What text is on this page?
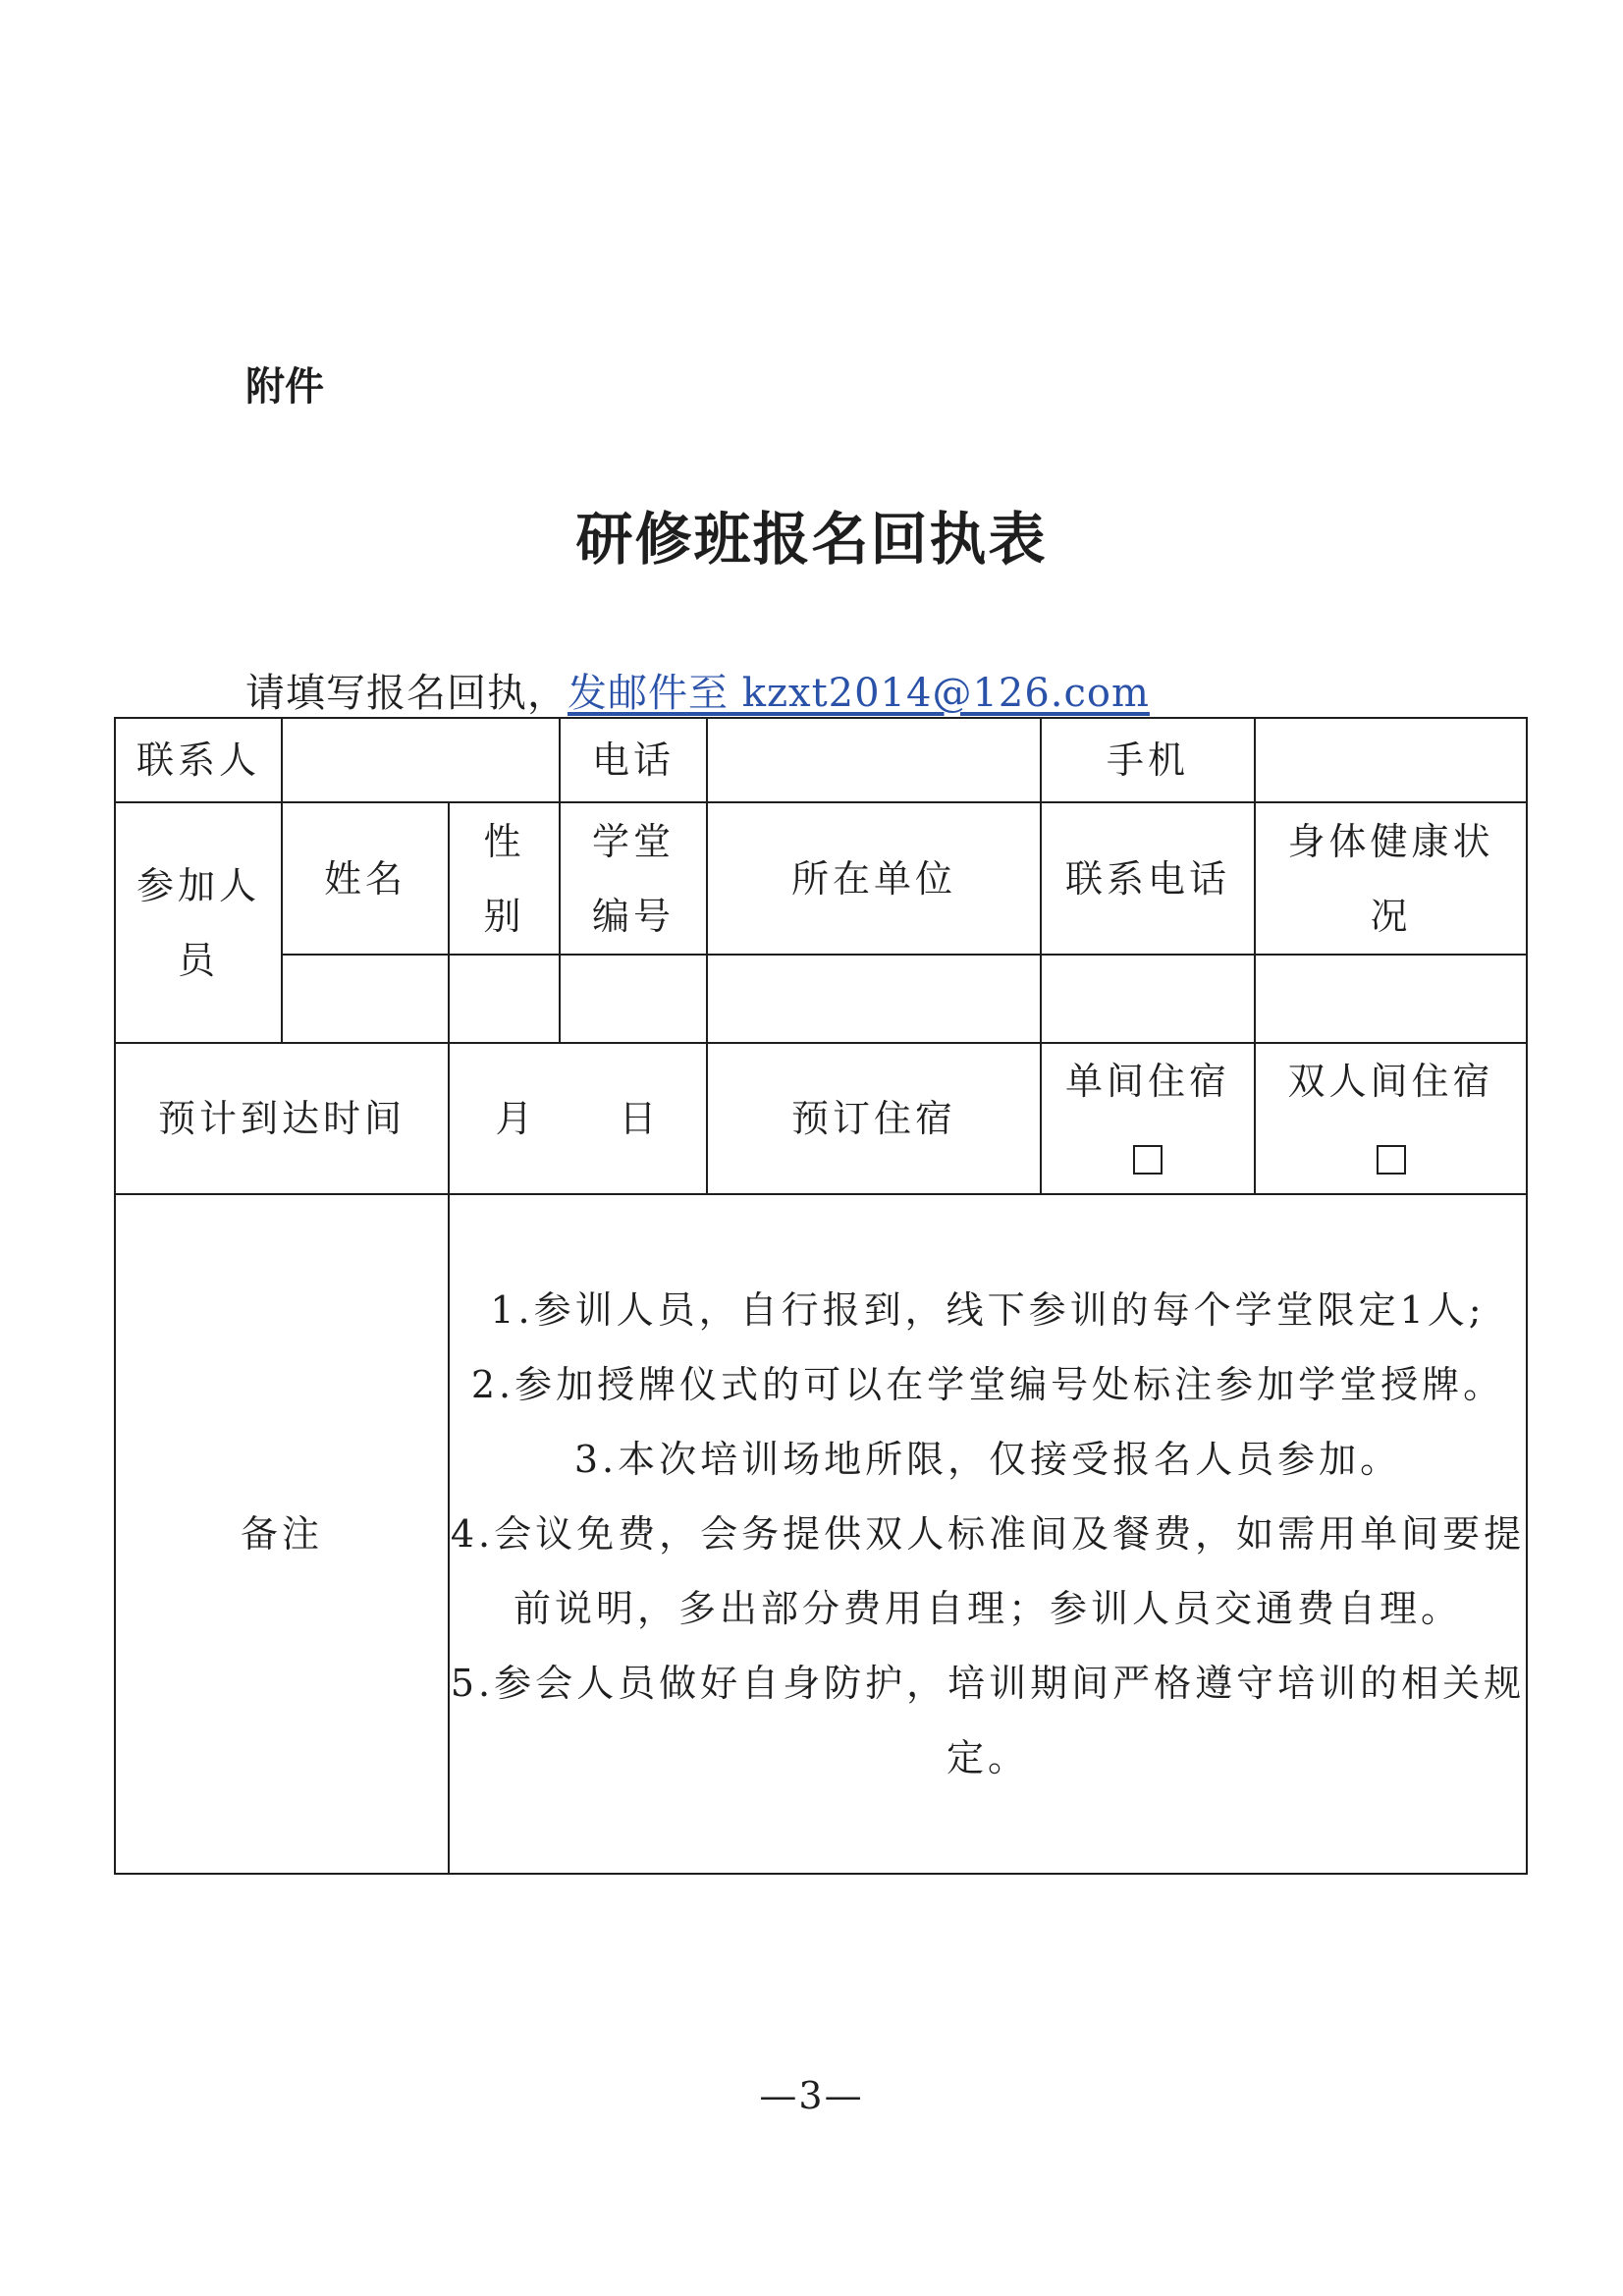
附件
研修班报名回执表
请填写报名回执，发邮件至 kzxt2014@126.com
联系人			电话		手机	
参加人员	姓名	性别	学堂编号	所在单位	联系电话	身体健康状况

预计到达时间		月　　日		预订住宿	单间住宿	双人间住宿

备注		1.参训人员，自行报到，线下参训的每个学堂限定1人;
2.参加授牌仪式的可以在学堂编号处标注参加学堂授牌。
3.本次培训场地所限，仅接受报名人员参加。
4.会议免费，会务提供双人标准间及餐费，如需用单间要提前说明，多出部分费用自理；参训人员交通费自理。
5.参会人员做好自身防护，培训期间严格遵守培训的相关规定。				
—3—
